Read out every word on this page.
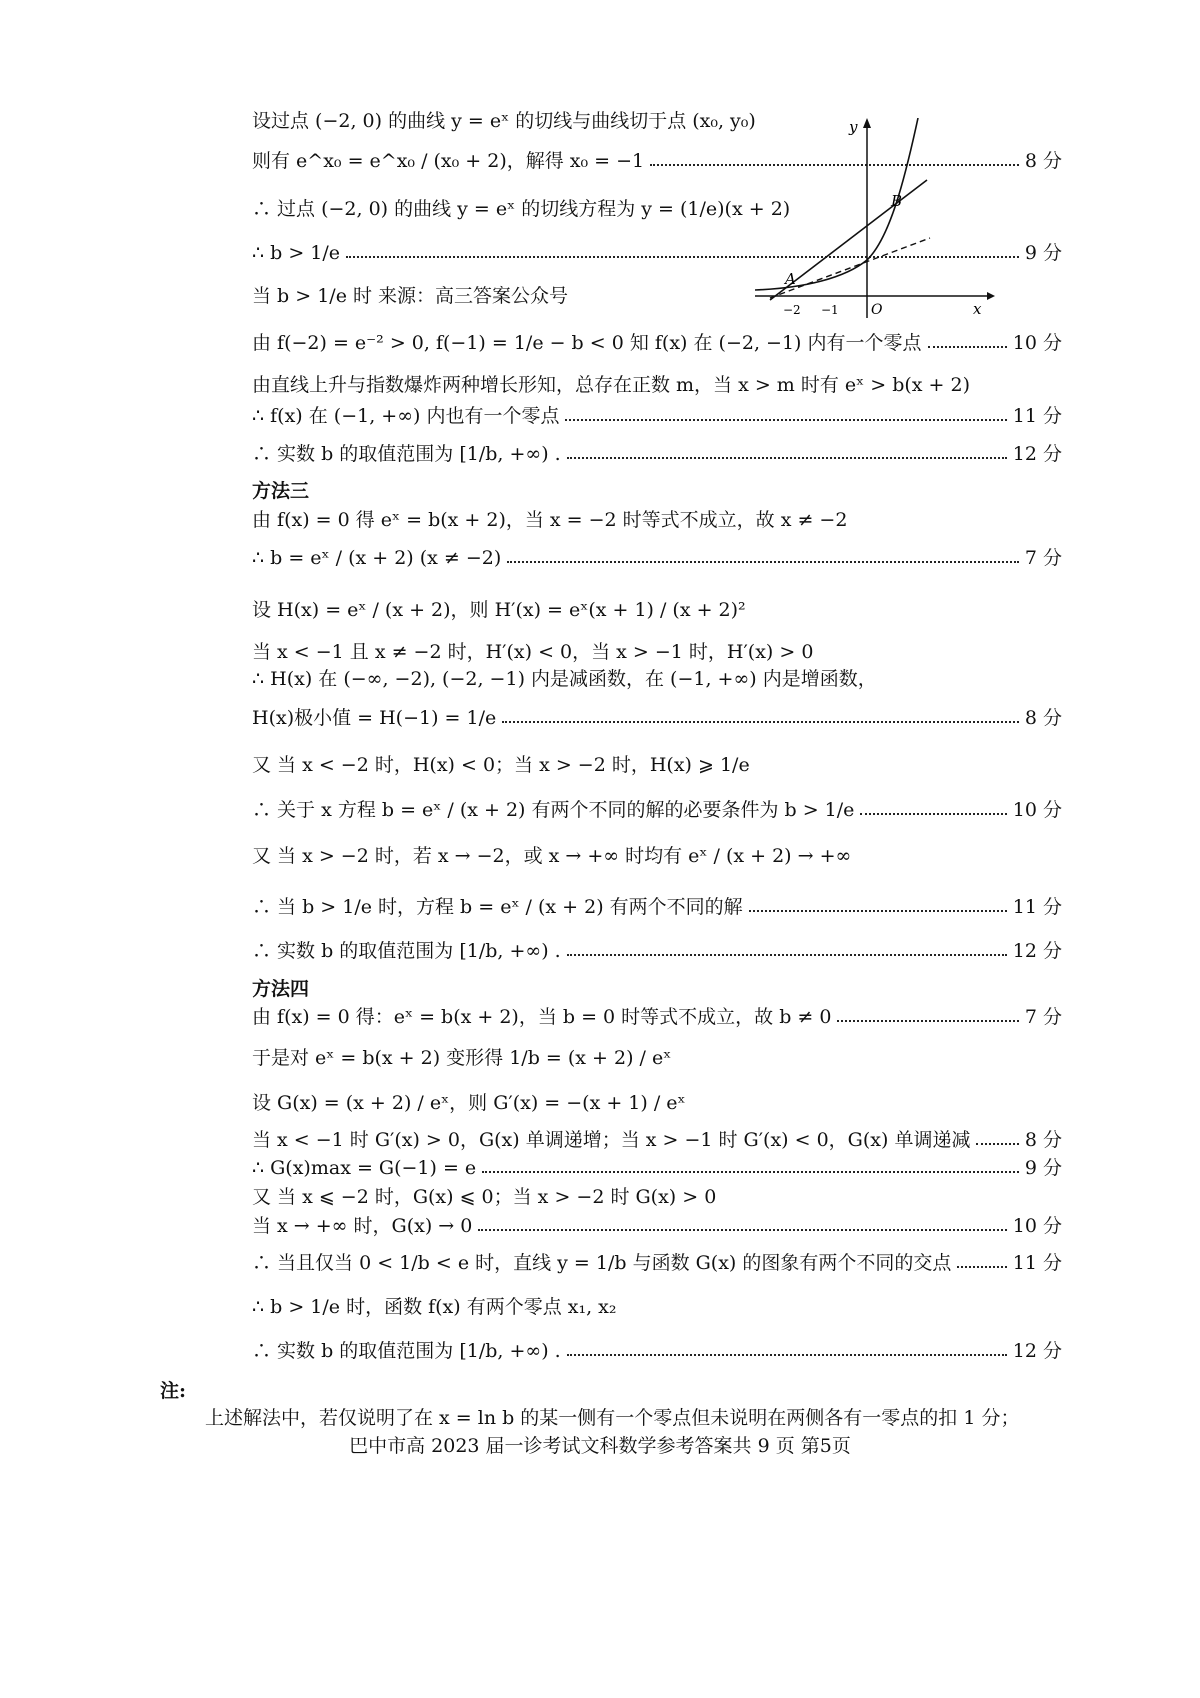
设过点 (−2, 0) 的曲线 y = eˣ 的切线与曲线切于点 (x₀, y₀)
则有 e^x₀ = e^x₀ / (x₀ + 2)，解得 x₀ = −1	8 分
∴ 过点 (−2, 0) 的曲线 y = eˣ 的切线方程为 y = (1/e)(x + 2)
∴ b > 1/e	9 分
当 b > 1/e 时 来源：高三答案公众号
由 f(−2) = e⁻² > 0, f(−1) = 1/e − b < 0 知 f(x) 在 (−2, −1) 内有一个零点	10 分
由直线上升与指数爆炸两种增长形知，总存在正数 m，当 x > m 时有 eˣ > b(x + 2)
∴ f(x) 在 (−1, +∞) 内也有一个零点	11 分
∴ 实数 b 的取值范围为 [1/b, +∞) .	12 分
x
y
O
−2 −1
A
B
方法三
由 f(x) = 0 得 eˣ = b(x + 2)，当 x = −2 时等式不成立，故 x ≠ −2
∴ b = eˣ / (x + 2) (x ≠ −2)	7 分
设 H(x) = eˣ / (x + 2)，则 H′(x) = eˣ(x + 1) / (x + 2)²
当 x < −1 且 x ≠ −2 时，H′(x) < 0，当 x > −1 时，H′(x) > 0
∴ H(x) 在 (−∞, −2), (−2, −1) 内是减函数，在 (−1, +∞) 内是增函数，
H(x)极小值 = H(−1) = 1/e	8 分
又 当 x < −2 时，H(x) < 0；当 x > −2 时，H(x) ⩾ 1/e
∴ 关于 x 方程 b = eˣ / (x + 2) 有两个不同的解的必要条件为 b > 1/e	10 分
又 当 x > −2 时，若 x → −2，或 x → +∞ 时均有 eˣ / (x + 2) → +∞
∴ 当 b > 1/e 时，方程 b = eˣ / (x + 2) 有两个不同的解	11 分
∴ 实数 b 的取值范围为 [1/b, +∞) .	12 分
方法四
由 f(x) = 0 得：eˣ = b(x + 2)，当 b = 0 时等式不成立，故 b ≠ 0	7 分
于是对 eˣ = b(x + 2) 变形得 1/b = (x + 2) / eˣ
设 G(x) = (x + 2) / eˣ，则 G′(x) = −(x + 1) / eˣ
当 x < −1 时 G′(x) > 0，G(x) 单调递增；当 x > −1 时 G′(x) < 0，G(x) 单调递减	8 分
∴ G(x)max = G(−1) = e	9 分
又 当 x ⩽ −2 时，G(x) ⩽ 0；当 x > −2 时 G(x) > 0
当 x → +∞ 时，G(x) → 0	10 分
∴ 当且仅当 0 < 1/b < e 时，直线 y = 1/b 与函数 G(x) 的图象有两个不同的交点	11 分
∴ b > 1/e 时，函数 f(x) 有两个零点 x₁, x₂
∴ 实数 b 的取值范围为 [1/b, +∞) .	12 分
注:
上述解法中，若仅说明了在 x = ln b 的某一侧有一个零点但未说明在两侧各有一零点的扣 1 分；
巴中市高 2023 届一诊考试文科数学参考答案共 9 页 第5页
